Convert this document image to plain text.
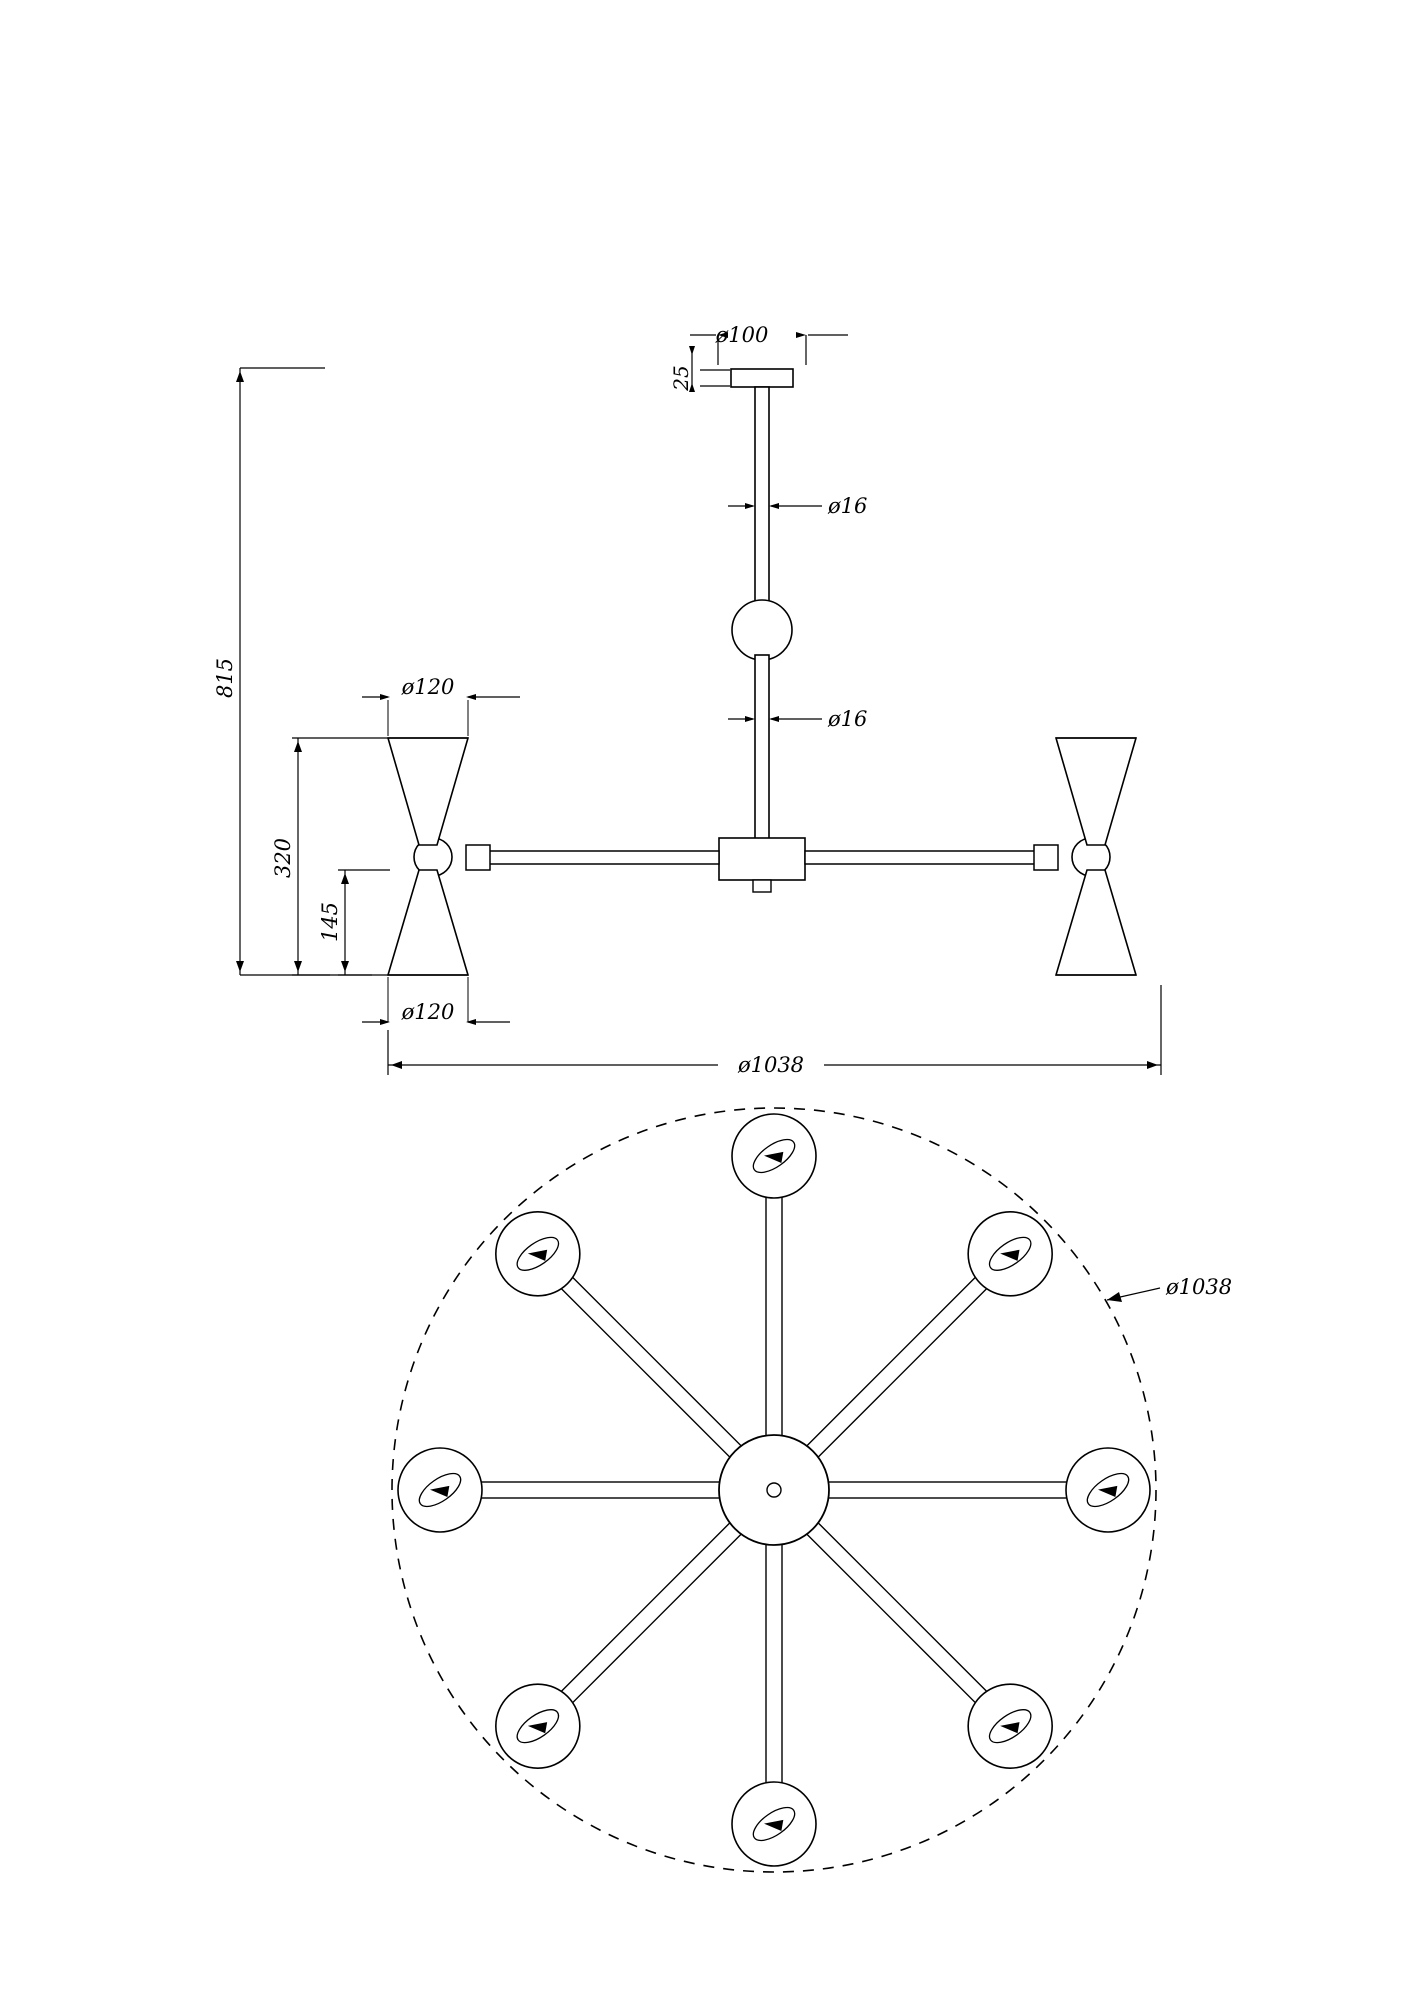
ø100
25
ø16
ø16
815
320
145
ø120
ø120
ø1038
ø1038
